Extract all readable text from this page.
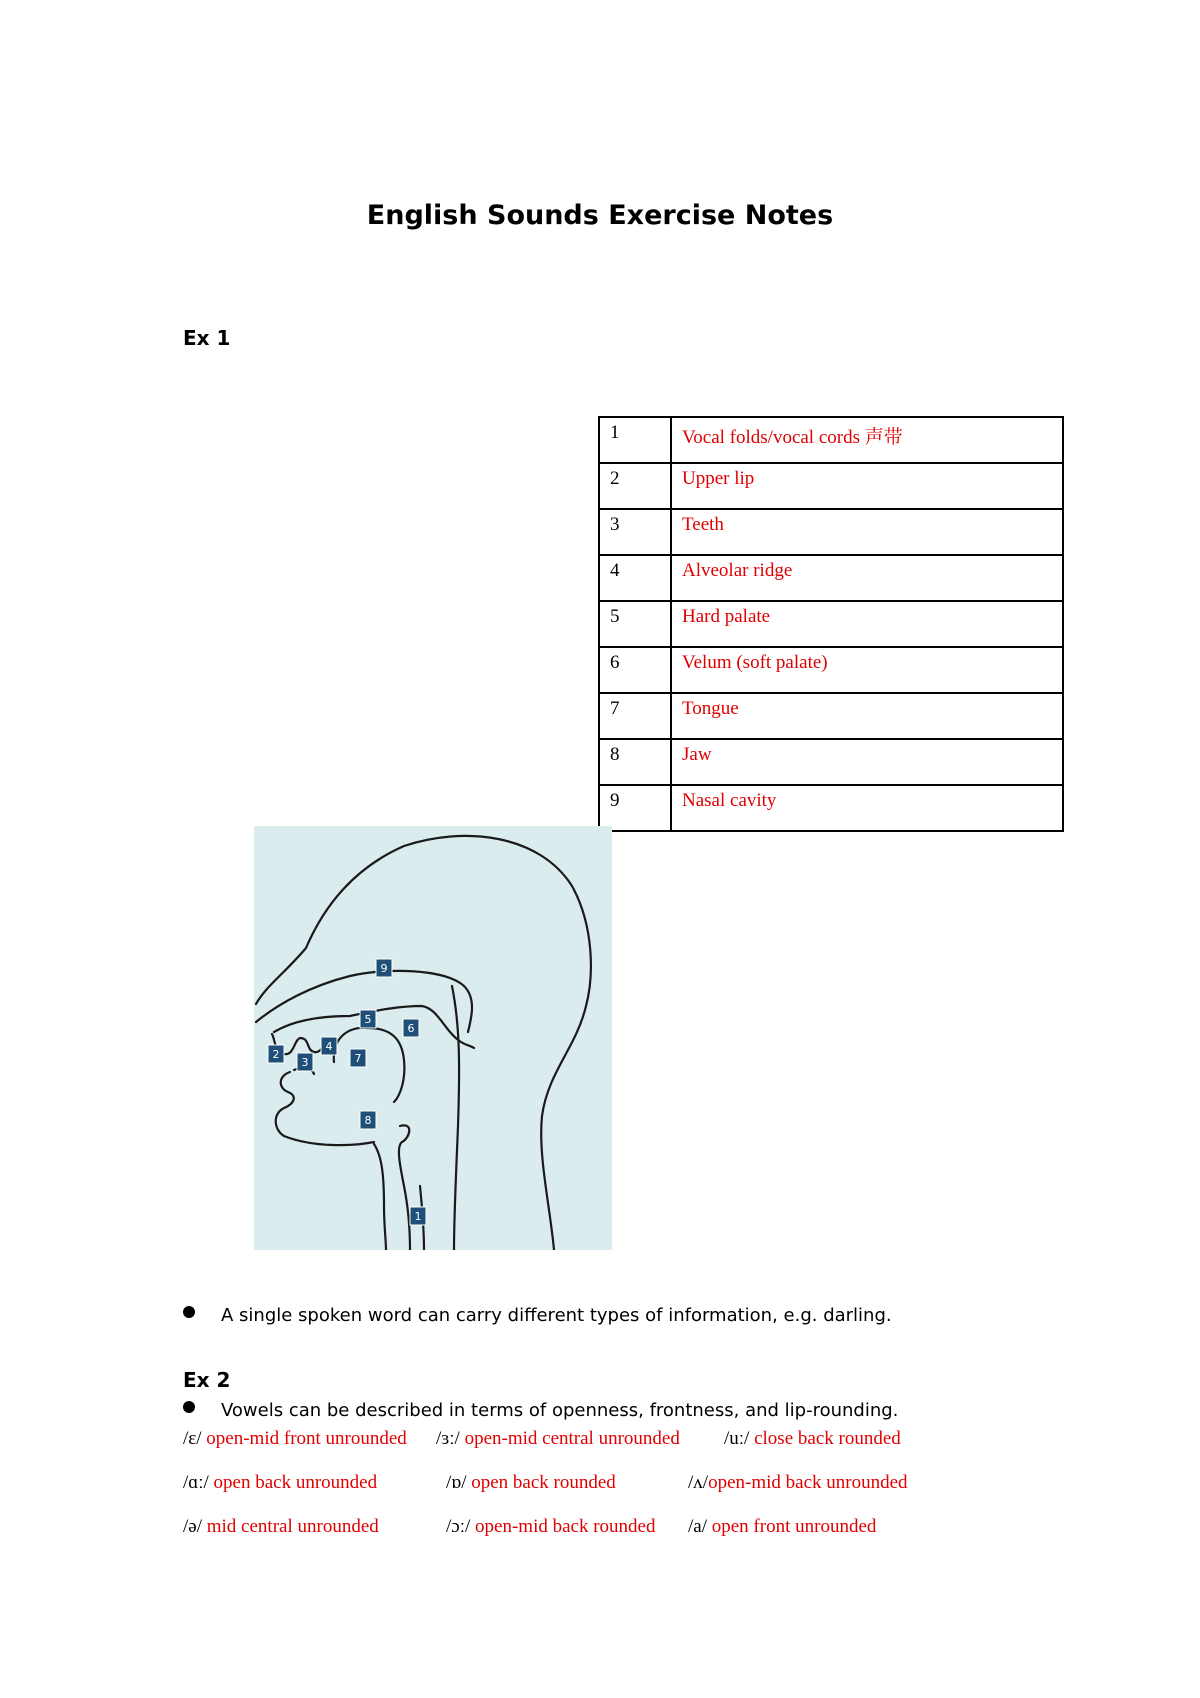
English Sounds Exercise Notes
Ex 1
1	Vocal folds/vocal cords 声带
2	Upper lip
3	Teeth
4	Alveolar ridge
5	Hard palate
6	Velum (soft palate)
7	Tongue
8	Jaw
9	Nasal cavity
1
2
3
4
5
6
7
8
9
A single spoken word can carry different types of information, e.g. darling.
Ex 2
Vowels can be described in terms of openness, frontness, and lip-rounding.
/ɛ/ open-mid front unrounded /ɜː/ open-mid central unrounded /uː/ close back rounded
/ɑː/ open back unrounded	/ɒ/ open back rounded	/ʌ/open-mid back unrounded
/ə/ mid central unrounded	/ɔː/ open-mid back rounded /a/ open front unrounded
